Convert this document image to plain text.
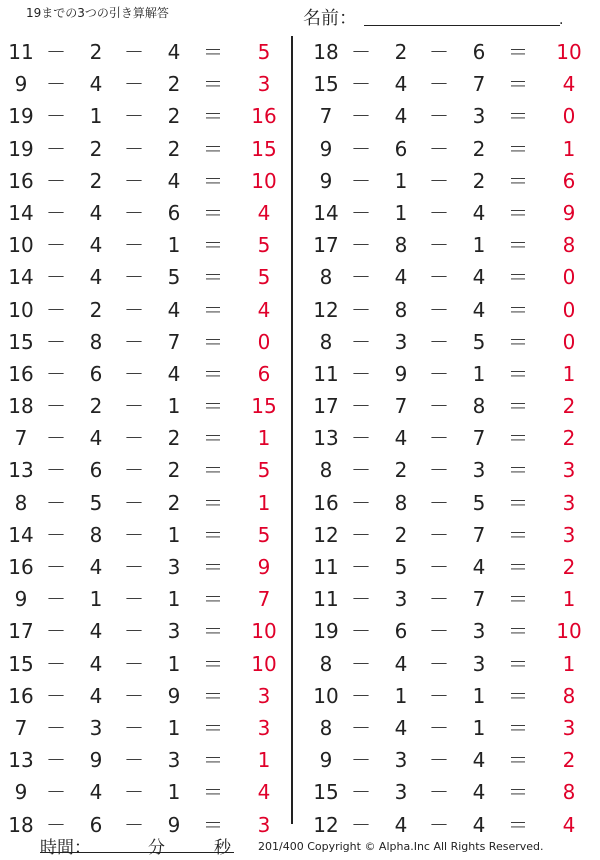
19までの3つの引き算解答	名前：	.
11 － 2 － 4 ＝	5
9 － 4 － 2 ＝	3
19 － 1 － 2 ＝ 16
19 － 2 － 2 ＝ 15
16 － 2 － 4 ＝ 10
14 － 4 － 6 ＝	4
10 － 4 － 1 ＝	5
14 － 4 － 5 ＝	5
10 － 2 － 4 ＝	4
15 － 8 － 7 ＝	0
16 － 6 － 4 ＝	6
18 － 2 － 1 ＝ 15
7 － 4 － 2 ＝	1
13 － 6 － 2 ＝	5
8 － 5 － 2 ＝	1
14 － 8 － 1 ＝	5
16 － 4 － 3 ＝	9
9 － 1 － 1 ＝	7
17 － 4 － 3 ＝ 10
15 － 4 － 1 ＝ 10
16 － 4 － 9 ＝	3
7 － 3 － 1 ＝	3
13 － 9 － 3 ＝	1
9 － 4 － 1 ＝	4
18 － 6 － 9 ＝	3
18 － 2 － 6 ＝ 10
15 － 4 － 7 ＝	4
7 － 4 － 3 ＝	0
9 － 6 － 2 ＝	1
9 － 1 － 2 ＝	6
14 － 1 － 4 ＝	9
17 － 8 － 1 ＝	8
8 － 4 － 4 ＝	0
12 － 8 － 4 ＝	0
8 － 3 － 5 ＝	0
11 － 9 － 1 ＝	1
17 － 7 － 8 ＝	2
13 － 4 － 7 ＝	2
8 － 2 － 3 ＝	3
16 － 8 － 5 ＝	3
12 － 2 － 7 ＝	3
11 － 5 － 4 ＝	2
11 － 3 － 7 ＝	1
19 － 6 － 3 ＝ 10
8 － 4 － 3 ＝	1
10 － 1 － 1 ＝	8
8 － 4 － 1 ＝	3
9 － 3 － 4 ＝	2
15 － 3 － 4 ＝	8
12 － 4 － 4 ＝	4
時間：	分	秒 201/400 Copyright © Alpha.Inc All Rights Reserved.
